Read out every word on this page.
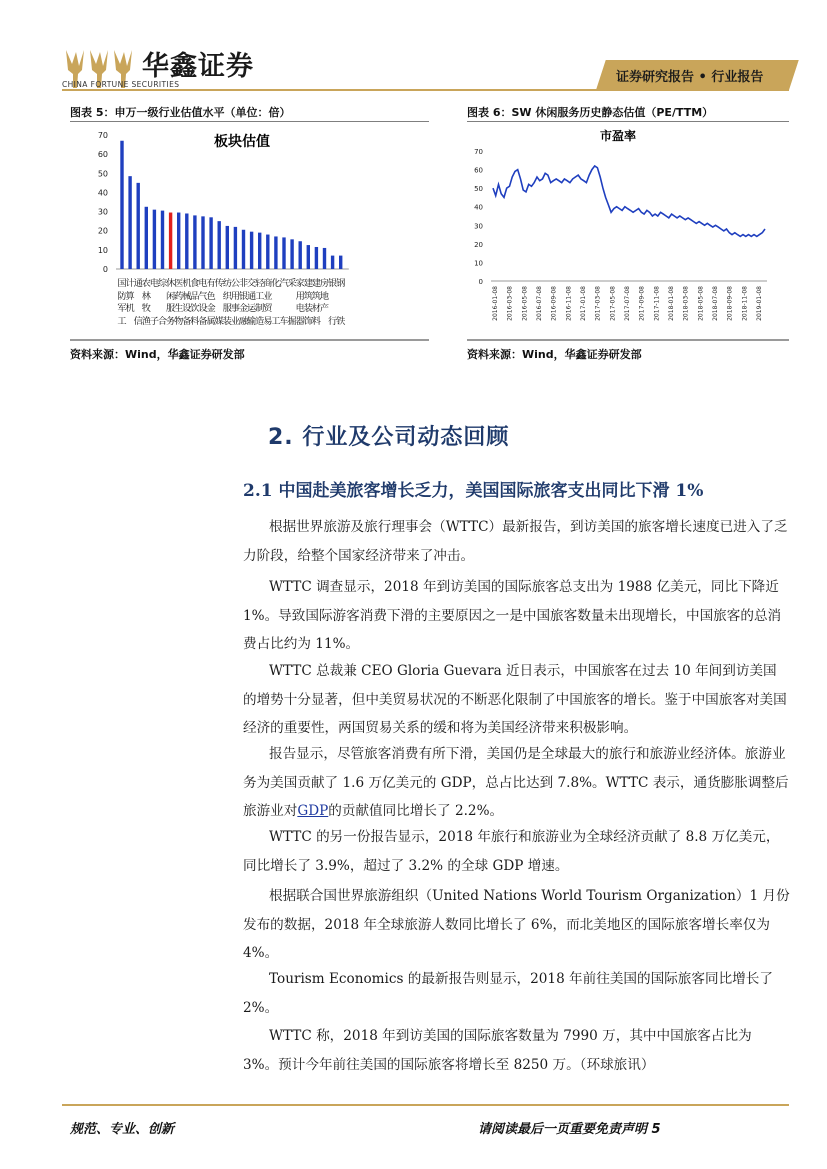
华鑫证券
CHINA FORTUNE SECURITIES	证券研究报告 • 行业报告
图表 5：申万一级行业估值水平（单位：倍）
板块估值
0
10
20
30
40
50
60
70
国
防
军
工
计
算
机
通
信
农
林
牧
渔
电
子
综
合
休
闲
服
务
医
药
生
物
机
械
设
备
食
品
饮
料
电
气
设
备
有
色
金
属
传
媒
纺
织
服
装
公
用
事
业
非
银
金
融
交
通
运
输
轻
工
制
造
商
业
贸
易
化
工
汽
车
采
掘
家
用
电
器
建
筑
装
饰
建
筑
材
料
房
地
产
银
行
钢
铁
资料来源：Wind，华鑫证券研发部
图表 6：SW 休闲服务历史静态估值（PE/TTM）
市盈率
0
10
20
30
40
50
60
70
2016-01-08 2016-03-08 2016-05-08 2016-07-08 2016-09-08 2016-11-08 2017-01-08 2017-03-08 2017-05-08 2017-07-08 2017-09-08 2017-11-08 2018-01-08 2018-03-08 2018-05-08 2018-07-08 2018-09-08 2018-11-08 2019-01-08
资料来源：Wind，华鑫证券研发部
2. 行业及公司动态回顾
2.1 中国赴美旅客增长乏力，美国国际旅客支出同比下滑 1%

根据世界旅游及旅行理事会（WTTC）最新报告，到访美国的旅客增长速度已进入了乏力阶段，给整个国家经济带来了冲击。

WTTC 调查显示，2018 年到访美国的国际旅客总支出为 1988 亿美元，同比下降近 1%。导致国际游客消费下滑的主要原因之一是中国旅客数量未出现增长，中国旅客的总消费占比约为 11%。

WTTC 总裁兼 CEO Gloria Guevara 近日表示，中国旅客在过去 10 年间到访美国的增势十分显著，但中美贸易状况的不断恶化限制了中国旅客的增长。鉴于中国旅客对美国经济的重要性，两国贸易关系的缓和将为美国经济带来积极影响。

报告显示，尽管旅客消费有所下滑，美国仍是全球最大的旅行和旅游业经济体。旅游业务为美国贡献了 1.6 万亿美元的 GDP，总占比达到 7.8%。WTTC 表示，通货膨胀调整后旅游业对GDP的贡献值同比增长了 2.2%。

WTTC 的另一份报告显示，2018 年旅行和旅游业为全球经济贡献了 8.8 万亿美元，同比增长了 3.9%，超过了 3.2% 的全球 GDP 增速。

根据联合国世界旅游组织（United Nations World Tourism Organization）1 月份发布的数据，2018 年全球旅游人数同比增长了 6%，而北美地区的国际旅客增长率仅为 4%。

Tourism Economics 的最新报告则显示，2018 年前往美国的国际旅客同比增长了 2%。

WTTC 称，2018 年到访美国的国际旅客数量为 7990 万，其中中国旅客占比为 3%。预计今年前往美国的国际旅客将增长至 8250 万。（环球旅讯）

规范、专业、创新	请阅读最后一页重要免责声明 5
